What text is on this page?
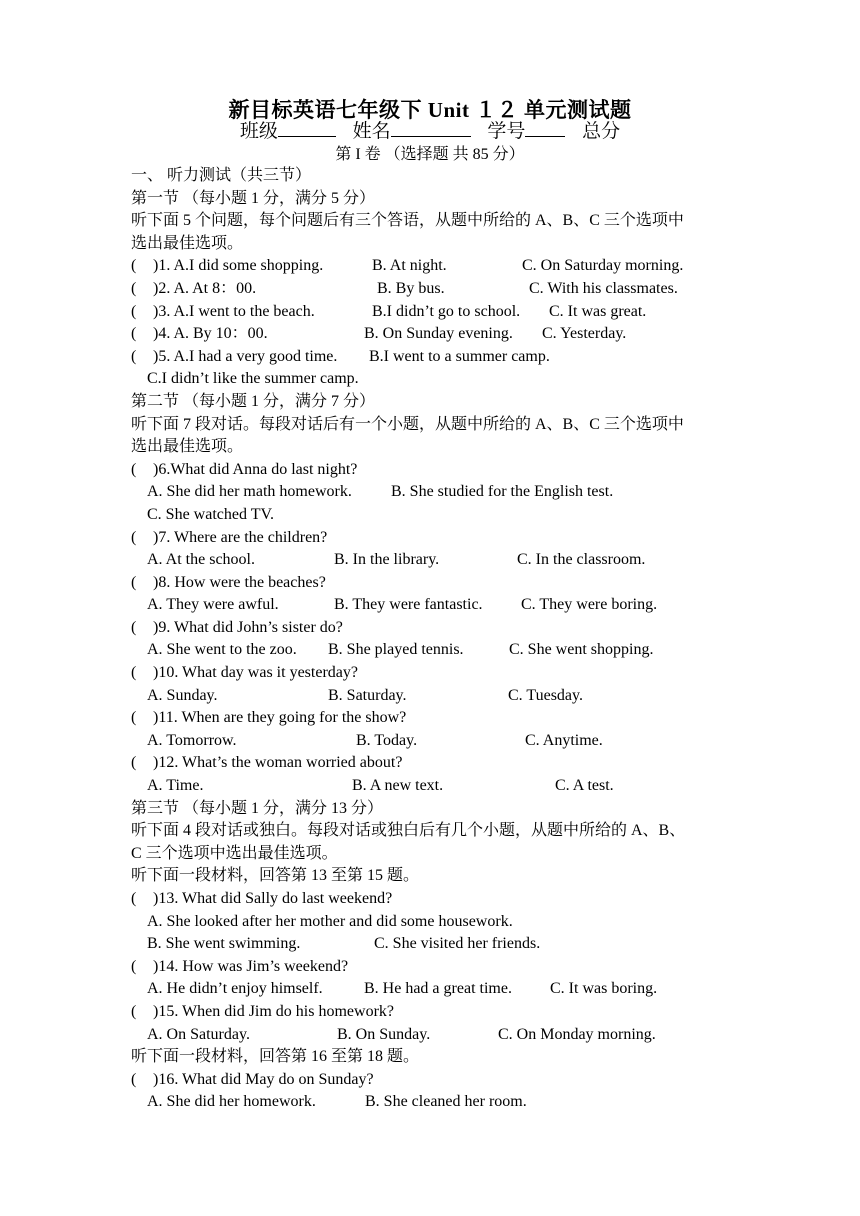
新目标英语七年级下 Unit １２ 单元测试题
班级	姓名	学号	总分
第 I 卷 （选择题 共 85 分）
一、 听力测试（共三节）
第一节 （每小题 1 分，满分 5 分）
听下面 5 个问题，每个问题后有三个答语，从题中所给的 A、B、C 三个选项中
选出最佳选项。
( )1. A.I did some shopping.	B. At night.	C. On Saturday morning.
( )2. A. At 8：00.	B. By bus.	C. With his classmates.
( )3. A.I went to the beach.	B.I didn’t go to school. C. It was great.
( )4. A. By 10：00.	B. On Sunday evening. C. Yesterday.
( )5. A.I had a very good time. B.I went to a summer camp.
C.I didn’t like the summer camp.
第二节 （每小题 1 分，满分 7 分）
听下面 7 段对话。每段对话后有一个小题，从题中所给的 A、B、C 三个选项中
选出最佳选项。
( )6.What did Anna do last night?
A. She did her math homework. B. She studied for the English test.
C. She watched TV.
( )7. Where are the children?
A. At the school.	B. In the library.	C. In the classroom.
( )8. How were the beaches?
A. They were awful.	B. They were fantastic. C. They were boring.
( )9. What did John’s sister do?
A. She went to the zoo. B. She played tennis.	C. She went shopping.
( )10. What day was it yesterday?
A. Sunday.	B. Saturday.	C. Tuesday.
( )11. When are they going for the show?
A. Tomorrow.	B. Today.	C. Anytime.
( )12. What’s the woman worried about?
A. Time.	B. A new text.	C. A test.
第三节 （每小题 1 分，满分 13 分）
听下面 4 段对话或独白。每段对话或独白后有几个小题，从题中所给的 A、B、
C 三个选项中选出最佳选项。
听下面一段材料，回答第 13 至第 15 题。
( )13. What did Sally do last weekend?
A. She looked after her mother and did some housework.
B. She went swimming.	C. She visited her friends.
( )14. How was Jim’s weekend?
A. He didn’t enjoy himself.	B. He had a great time. C. It was boring.
( )15. When did Jim do his homework?
A. On Saturday.	B. On Sunday.	C. On Monday morning.
听下面一段材料，回答第 16 至第 18 题。
( )16. What did May do on Sunday?
A. She did her homework.	B. She cleaned her room.
